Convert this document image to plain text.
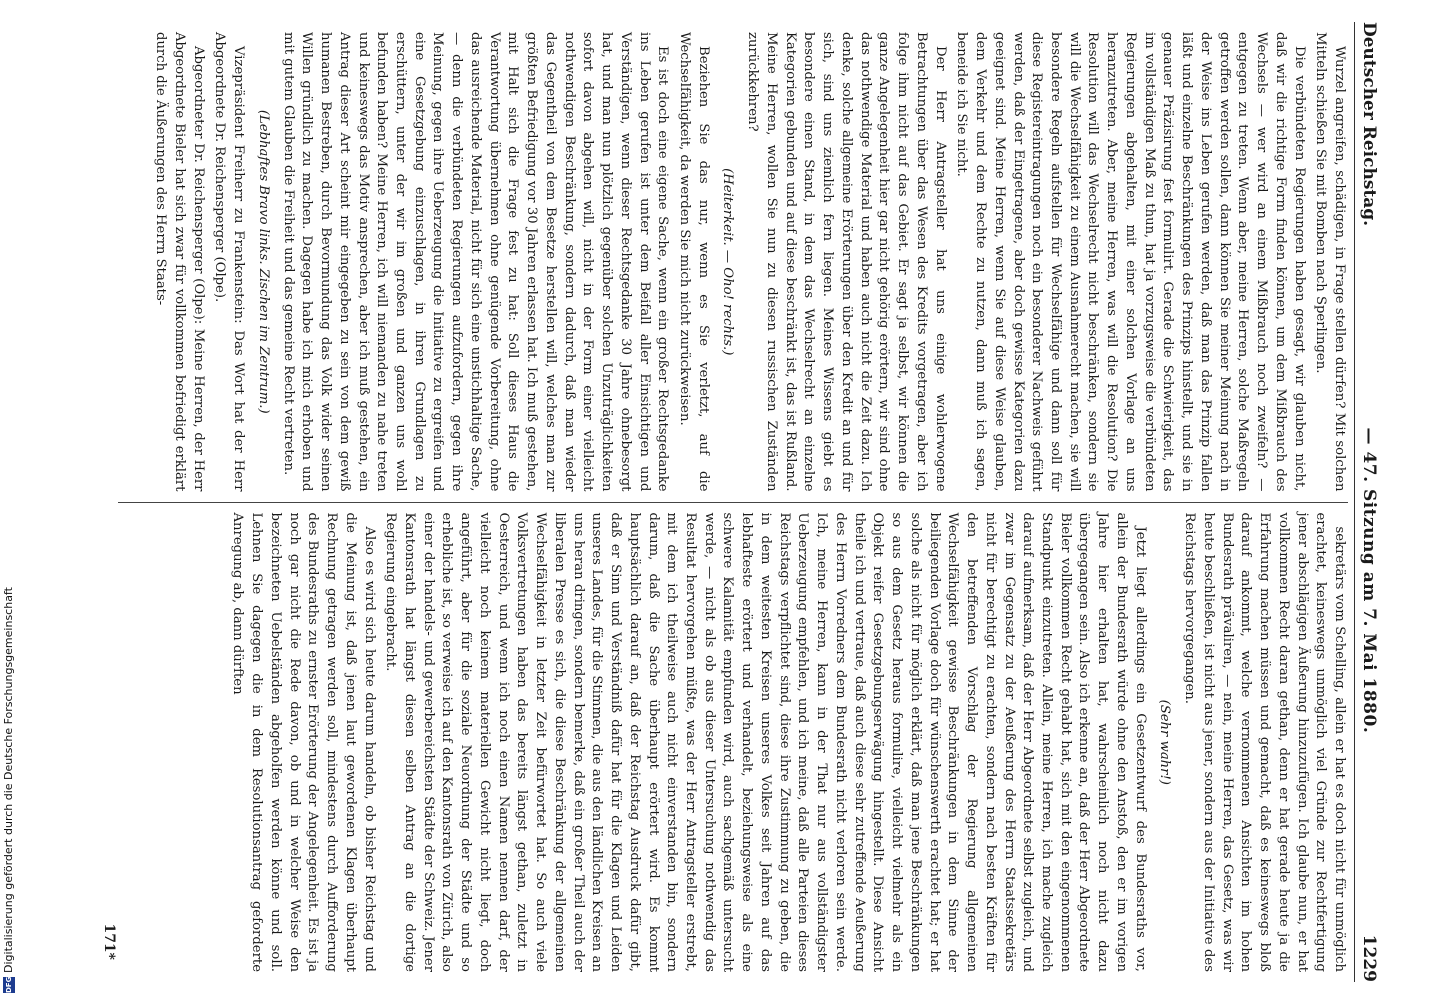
DFG
Digitalisierung gefördert durch die Deutsche Forschungsgemeinschaft
Deutscher Reichstag.
— 47. Sitzung am 7. Mai 1880.
1229

Wurzel angreifen, schädigen, in Frage stellen dürfen? Mit solchen Mitteln schießen Sie mit Bomben nach Sperlingen.

Die verbündeten Regierungen haben gesagt, wir glauben nicht, daß wir die richtige Form finden können, um dem Mißbrauch des Wechsels — wer wird an einem Mißbrauch noch zweifeln? — entgegen zu treten. Wenn aber, meine Herren, solche Maßregeln getroffen werden sollen, dann können Sie meiner Meinung nach in der Weise ins Leben gerufen werden, daß man das Prinzip fallen läßt und einzelne Beschränkungen des Prinzips hinstellt, und sie in genauer Präzisirung fest formulirt. Gerade die Schwierigkeit, das im vollständigen Maß zu thun, hat ja vorzugsweise die verbündeten Regierungen abgehalten, mit einer solchen Vorlage an uns heranzutreten. Aber, meine Herren, was will die Resolution? Die Resolution will das Wechselrecht nicht beschränken, sondern sie will die Wechselfähigkeit zu einem Ausnahmerecht machen, sie will besondere Regeln aufstellen für Wechselfähige und dann soll für diese Registereintragungen noch ein besonderer Nachweis geführt werden, daß der Eingetragene, aber doch gewisse Kategorien dazu geeignet sind. Meine Herren, wenn Sie auf diese Weise glauben, dem Verkehr und dem Rechte zu nutzen, dann muß ich sagen, beneide ich Sie nicht.

Der Herr Antragsteller hat uns einige wohlerwogene Betrachtungen über das Wesen des Kredits vorgetragen, aber ich folge ihm nicht auf das Gebiet. Er sagt ja selbst, wir können die ganze Angelegenheit hier gar nicht gehörig erörtern, wir sind ohne das nothwendige Material und haben auch nicht die Zeit dazu. Ich denke, solche allgemeine Erörterungen über den Kredit an und für sich, sind uns ziemlich fern liegen. Meines Wissens giebt es besondere einen Stand, in dem das Wechselrecht an einzelne Kategorien gebunden und auf diese beschränkt ist, das ist Rußland. Meine Herren, wollen Sie nun zu diesen russischen Zuständen zurückkehren?

(Heiterkeit. — Oho! rechts.)

Beziehen Sie das nur, wenn es Sie verletzt, auf die Wechselfähigkeit, da werden Sie mich nicht zurückweisen.

Es ist doch eine eigene Sache, wenn ein großer Rechtsgedanke ins Leben gerufen ist unter dem Beifall aller Einsichtigen und Verständigen, wenn dieser Rechtsgedanke 30 Jahre ohnebesorgt hat, und man nun plötzlich gegenüber solchen Unzuträglichkeiten sofort davon abgehen will, nicht in der Form einer vielleicht nothwendigen Beschränkung, sondern dadurch, daß man wieder das Gegentheil von dem Besetze herstellen will, welches man zur größten Befriedigung vor 30 Jahren erlassen hat. Ich muß gestehen, mit Halt sich die Frage fest zu hat: Soll dieses Haus die Verantwortung übernehmen ohne genügende Vorbereitung, ohne das ausreichende Material, nicht für sich eine unstichhaltige Sache, — denn die verbündeten Regierungen aufzufordern, gegen ihre Meinung, gegen ihre Ueberzeugung die Initiative zu ergreifen und eine Gesetzgebung einzuschlagen, in ihren Grundlagen zu erschüttern, unter der wir im großen und ganzen uns wohl befunden haben? Meine Herren, ich will niemanden zu nahe treten und keineswegs das Motiv ansprechen, aber ich muß gestehen, ein Antrag dieser Art scheint mir eingegeben zu sein von dem gewiß humanen Bestreben, durch Bevormundung das Volk wider seinen Willen gründlich zu machen. Dagegen habe ich mich erhoben und mit gutem Glauben die Freiheit und das gemeine Recht vertreten.

(Lebhaftes Bravo links. Zischen im Zentrum.)

Vizepräsident Freiherr zu Frankenstein: Das Wort hat der Herr Abgeordnete Dr. Reichensperger (Olpe).

Abgeordneter Dr. Reichensperger (Olpe): Meine Herren, der Herr Abgeordnete Bieler hat sich zwar für vollkommen befriedigt erklärt durch die Äußerungen des Herrn Staats-

sekretärs vom Schelling, allein er hat es doch nicht für unmöglich erachtet, keineswegs unmöglich viel Gründe zur Rechtfertigung jener abschlägigen Äußerung hinzuzufügen. Ich glaube nun, er hat vollkommen Recht daran gethan, denn er hat gerade heute ja die Erfahrung machen müssen und gemacht, daß es keineswegs bloß darauf ankommt, welche vernommenen Ansichten im hohen Bundesrath prävaliren, — nein, meine Herren, das Gesetz, was wir heute beschließen, ist nicht aus jener, sondern aus der Initiative des Reichstags hervorgegangen.

(Sehr wahr!)

Jetzt liegt allerdings ein Gesetzentwurf des Bundesraths vor, allein der Bundesrath würde ohne den Anstoß, den er im vorigen Jahre hier erhalten hat, wahrscheinlich noch nicht dazu übergegangen sein. Also ich erkenne an, daß der Herr Abgeordnete Bieler vollkommen Recht gehabt hat, sich mit den eingenommenen Standpunkt einzutreten. Allein, meine Herren, ich mache zugleich darauf aufmerksam, daß der Herr Abgeordnete selbst zugleich, und zwar im Gegensatz zu der Aeußerung des Herrn Staatssekretärs nicht für berechtigt zu erachten, sondern nach besten Kräften für den betreffenden Vorschlag der Regierung allgemeinen Wechselfähigkeit gewisse Beschränkungen in dem Sinne der beiliegenden Vorlage doch für wünschenswerth erachtet hat; er hat solche als nicht für möglich erklärt, daß man jene Beschränkungen so aus dem Gesetz heraus formulire, vielleicht vielmehr als ein Objekt reifer Gesetzgebungserwägung hingestellt. Diese Ansicht theile ich und vertraue, daß auch diese sehr zutreffende Aeußerung des Herrn Vorredners dem Bundesrath nicht verloren sein werde. Ich, meine Herren, kann in der That nur aus vollständigster Ueberzeugung empfehlen, und ich meine, daß alle Parteien dieses Reichstags verpflichtet sind, diese ihre Zustimmung zu geben, die in dem weitesten Kreisen unseres Volkes seit Jahren auf das lebhafteste erörtert und verhandelt, beziehungsweise als eine schwere Kalamität empfunden wird, auch sachgemäß untersucht werde, — nicht als ob aus dieser Untersuchung nothwendig das Resultat hervorgehen müßte, was der Herr Antragsteller erstrebt, mit dem ich theilweise auch nicht einverstanden bin, sondern darum, daß die Sache überhaupt erörtert wird. Es kommt hauptsächlich darauf an, daß der Reichstag Ausdruck dafür gibt, daß er Sinn und Verständniß dafür hat für die Klagen und Leiden unseres Landes, für die Stimmen, die aus den ländlichen Kreisen an uns heran dringen, sondern bemerke, daß ein großer Theil auch der liberalen Presse es sich, die diese Beschränkung der allgemeinen Wechselfähigkeit in letzter Zeit befürwortet hat. So auch viele Volksvertretungen haben das bereits längst gethan, zuletzt in Oesterreich, und wenn ich noch einen Namen nennen darf, der vielleicht noch keinem materiellen Gewicht nicht liegt, doch angeführt, aber für die soziale Neuordnung der Städte und so erhebliche ist, so verweise ich auf den Kantonsrath von Zürich, also einer der handels- und gewerbereichsten Städte der Schweiz. Jener Kantonsrath hat längst diesen selben Antrag an die dortige Regierung eingebracht.

Also es wird sich heute darum handeln, ob bisher Reichstag und die Meinung ist, daß jenen laut gewordenen Klagen überhaupt Rechnung getragen werden soll, mindestens durch Aufforderung des Bundesraths zu ernster Erörterung der Angelegenheit. Es ist ja noch gar nicht die Rede davon, ob und in welcher Weise den bezeichneten Uebelständen abgeholfen werden könne und soll. Lehnen Sie dagegen die in dem Resolutionsantrag geforderte Anregung ab, dann dürften

171*
